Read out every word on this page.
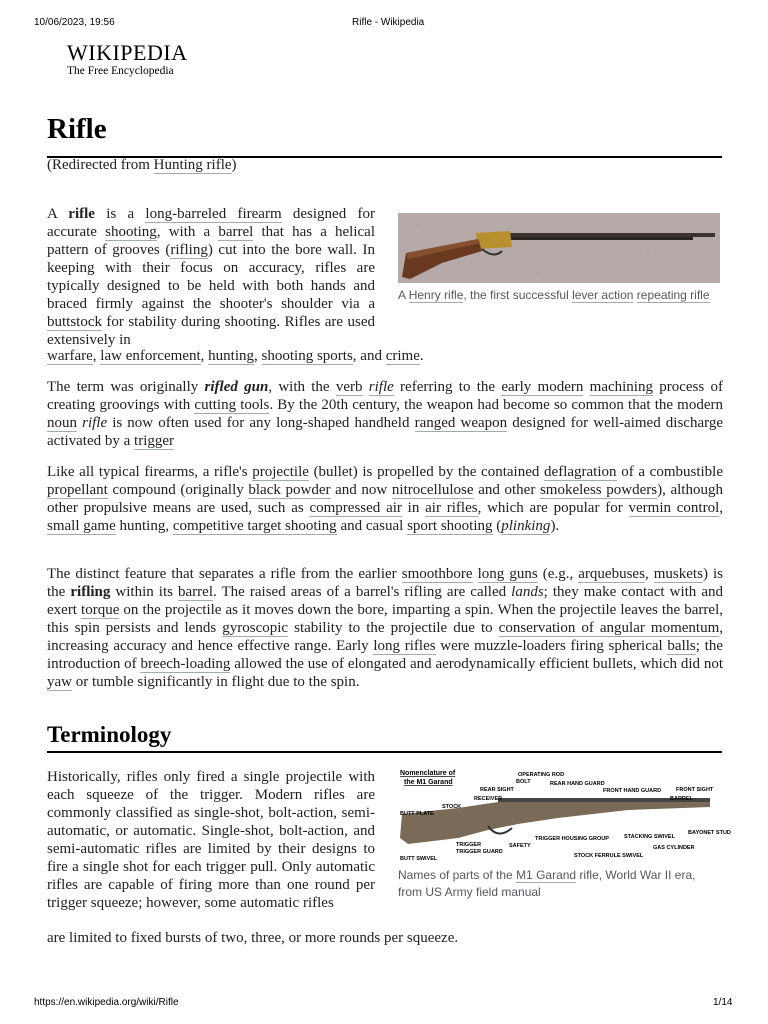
10/06/2023, 19:56	Rifle - Wikipedia
WIKIPEDIA
The Free Encyclopedia
Rifle
(Redirected from Hunting rifle)
A Henry rifle, the first successful lever action repeating rifle

A rifle is a long-barreled firearm designed for accurate shooting, with a barrel that has a helical pattern of grooves (rifling) cut into the bore wall. In keeping with their focus on accuracy, rifles are typically designed to be held with both hands and braced firmly against the shooter's shoulder via a buttstock for stability during shooting. Rifles are used extensively in

warfare, law enforcement, hunting, shooting sports, and crime.

The term was originally rifled gun, with the verb rifle referring to the early modern machining process of creating groovings with cutting tools. By the 20th century, the weapon had become so common that the modern noun rifle is now often used for any long-shaped handheld ranged weapon designed for well-aimed discharge activated by a trigger

Like all typical firearms, a rifle's projectile (bullet) is propelled by the contained deflagration of a combustible propellant compound (originally black powder and now nitrocellulose and other smokeless powders), although other propulsive means are used, such as compressed air in air rifles, which are popular for vermin control, small game hunting, competitive target shooting and casual sport shooting (plinking).

The distinct feature that separates a rifle from the earlier smoothbore long guns (e.g., arquebuses, muskets) is the rifling within its barrel. The raised areas of a barrel's rifling are called lands; they make contact with and exert torque on the projectile as it moves down the bore, imparting a spin. When the projectile leaves the barrel, this spin persists and lends gyroscopic stability to the projectile due to conservation of angular momentum, increasing accuracy and hence effective range. Early long rifles were muzzle-loaders firing spherical balls; the introduction of breech-loading allowed the use of elongated and aerodynamically efficient bullets, which did not yaw or tumble significantly in flight due to the spin.

Terminology
Nomenclature of
the M1 Garand
OPERATING ROD
BOLT
REAR SIGHT
REAR HAND GUARD
FRONT HAND GUARD	FRONT SIGHT
RECEIVER	BARREL
STOCK
BUTT PLATE
TRIGGER
TRIGGER GUARD
SAFETY
TRIGGER HOUSING GROUP	STACKING SWIVEL
BAYONET STUD
GAS CYLINDER
STOCK FERRULE SWIVEL
BUTT SWIVEL
Names of parts of the M1 Garand rifle, World War II era, from US Army field manual

Historically, rifles only fired a single projectile with each squeeze of the trigger. Modern rifles are commonly classified as single-shot, bolt-action, semi-automatic, or automatic. Single-shot, bolt-action, and semi-automatic rifles are limited by their designs to fire a single shot for each trigger pull. Only automatic rifles are capable of firing more than one round per trigger squeeze; however, some automatic rifles

are limited to fixed bursts of two, three, or more rounds per squeeze.

https://en.wikipedia.org/wiki/Rifle	1/14
